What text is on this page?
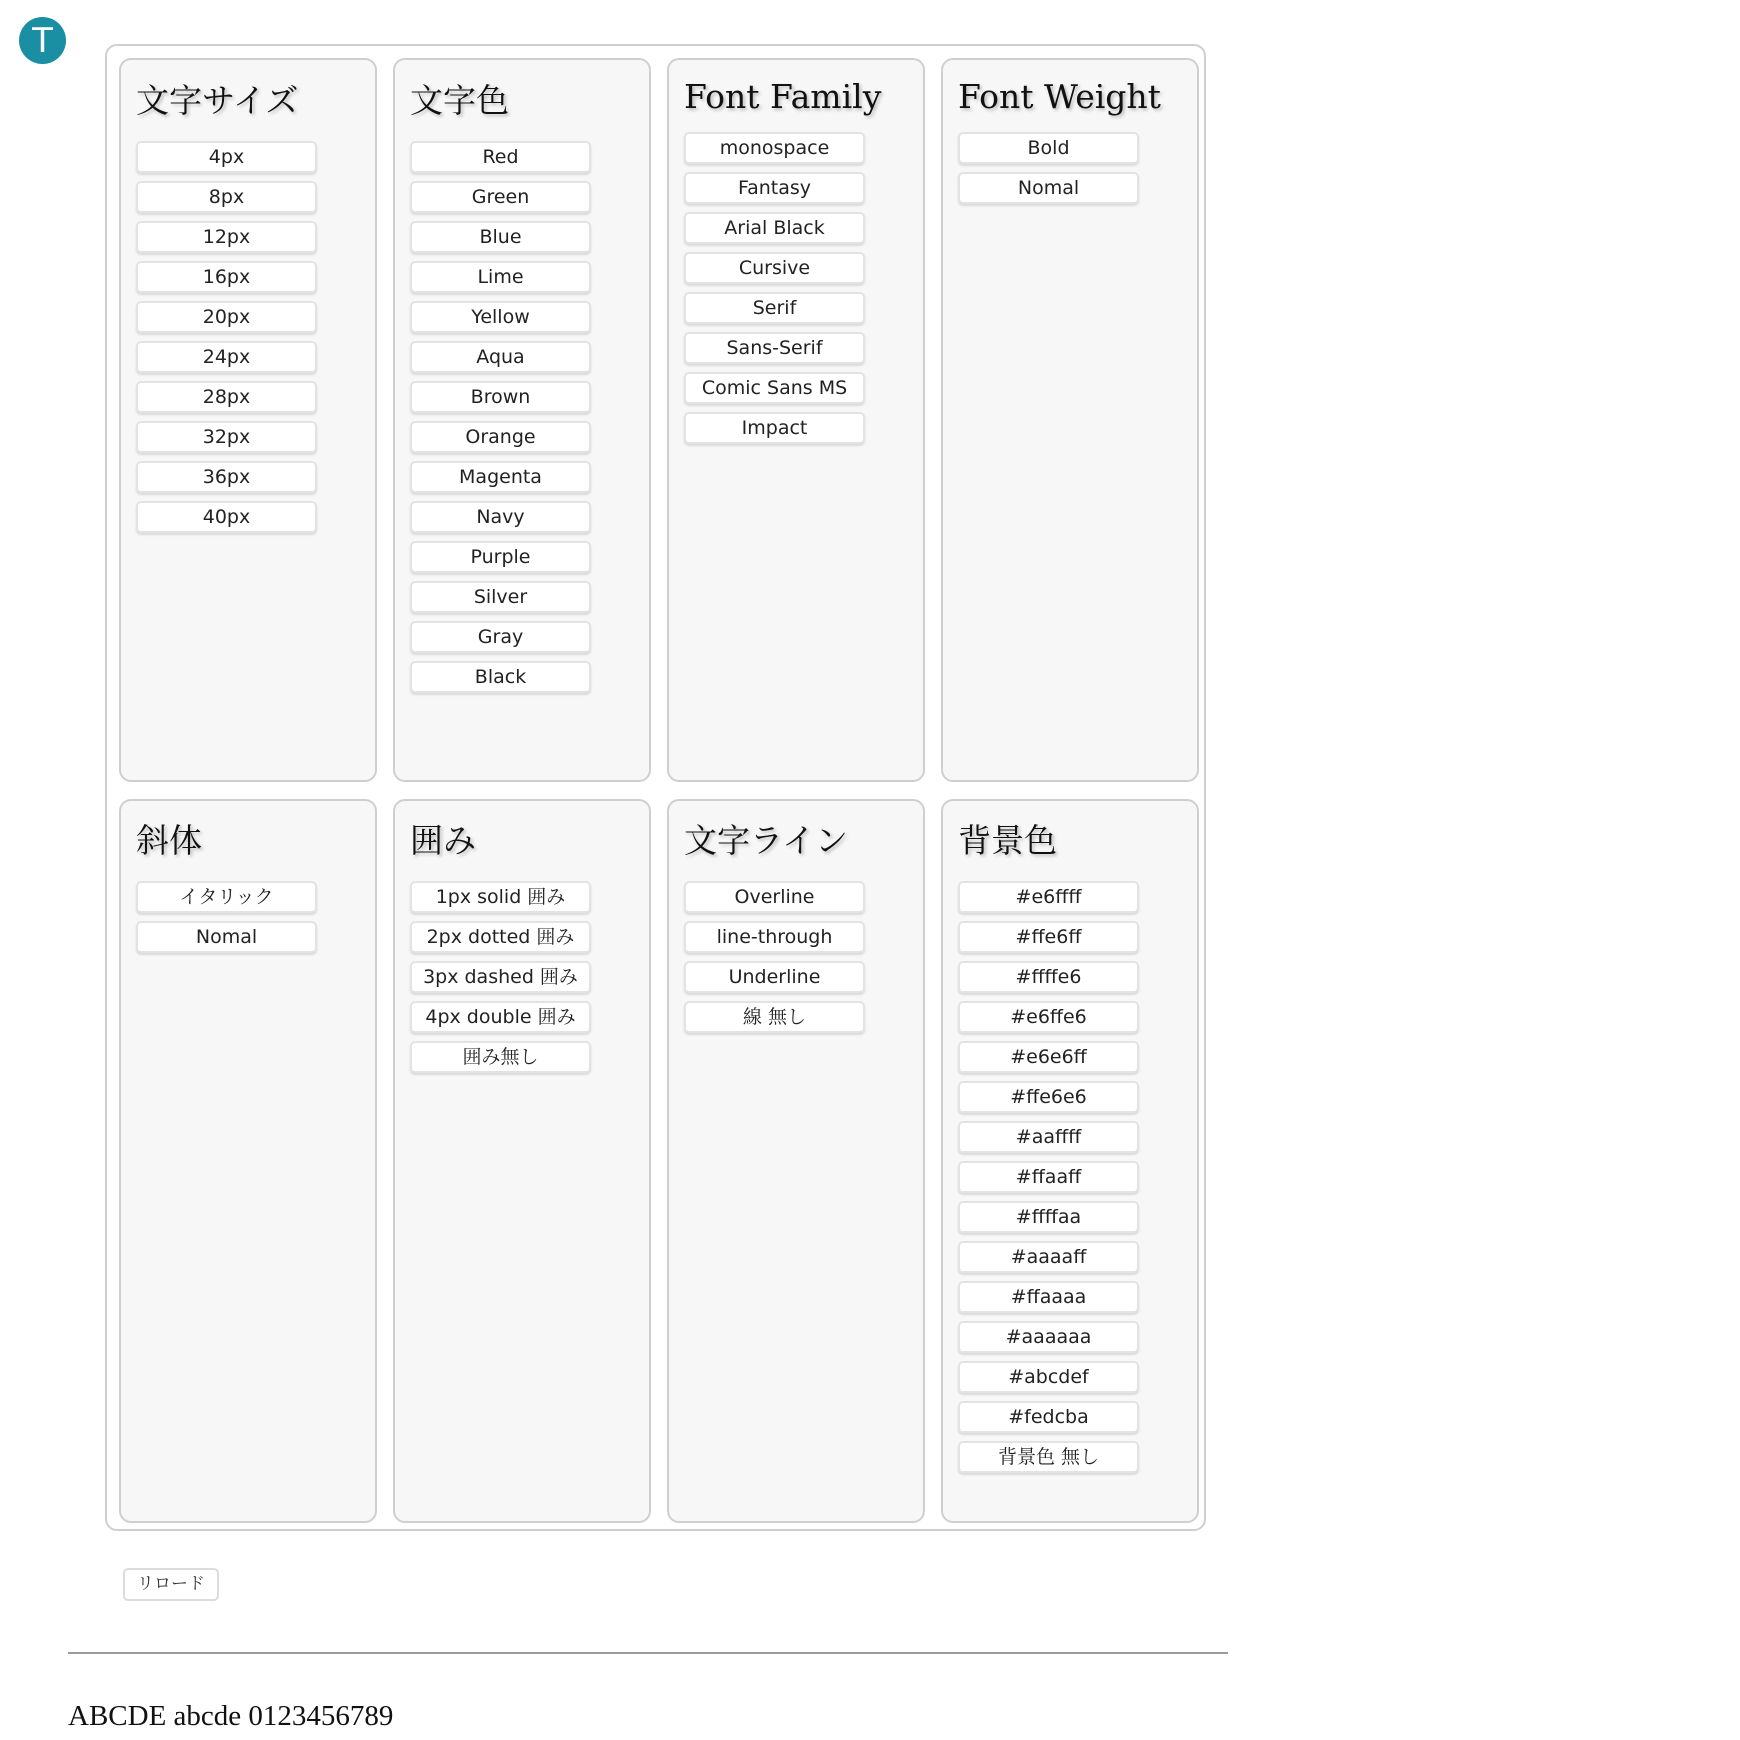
T
文字サイズ
4px
8px
12px
16px
20px
24px
28px
32px
36px
40px
文字色
Red
Green
Blue
Lime
Yellow
Aqua
Brown
Orange
Magenta
Navy
Purple
Silver
Gray
Black
Font Family
monospace
Fantasy
Arial Black
Cursive
Serif
Sans-Serif
Comic Sans MS
Impact
Font Weight
Bold
Nomal
斜体
イタリック
Nomal
囲み
1px solid 囲み
2px dotted 囲み
3px dashed 囲み
4px double 囲み
囲み無し
文字ライン
Overline
line-through
Underline
線 無し
背景色
#e6ffff
#ffe6ff
#ffffe6
#e6ffe6
#e6e6ff
#ffe6e6
#aaffff
#ffaaff
#ffffaa
#aaaaff
#ffaaaa
#aaaaaa
#abcdef
#fedcba
背景色 無し
リロード
ABCDE abcde 0123456789
